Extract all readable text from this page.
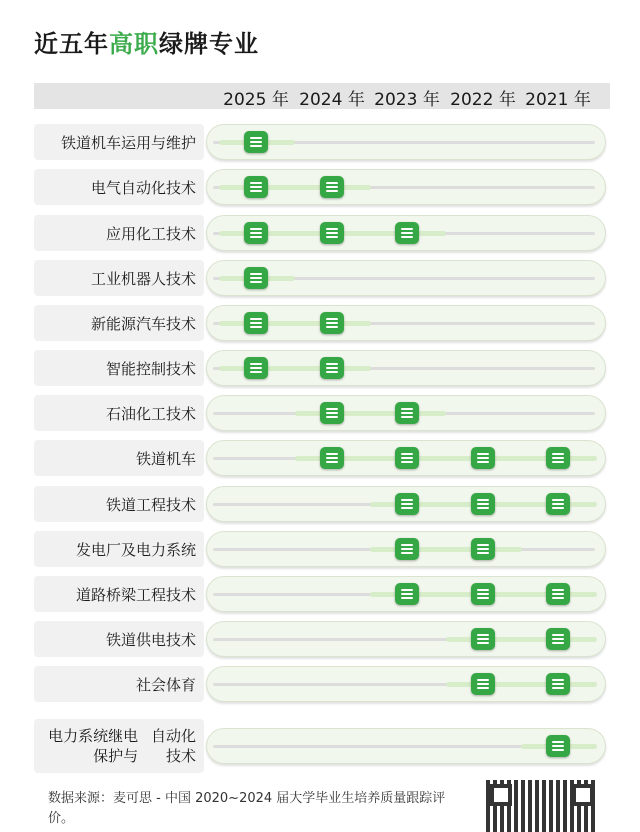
近五年高职绿牌专业
2025 年 2024 年 2023 年 2022 年 2021 年
铁道机车运用与维护
电气自动化技术
应用化工技术
工业机器人技术
新能源汽车技术
智能控制技术
石油化工技术
铁道机车
铁道工程技术
发电厂及电力系统
道路桥梁工程技术
铁道供电技术
社会体育
电力系统继电保护与
自动化技术
数据来源：麦可思 - 中国 2020~2024 届大学毕业生培养质量跟踪评价。
